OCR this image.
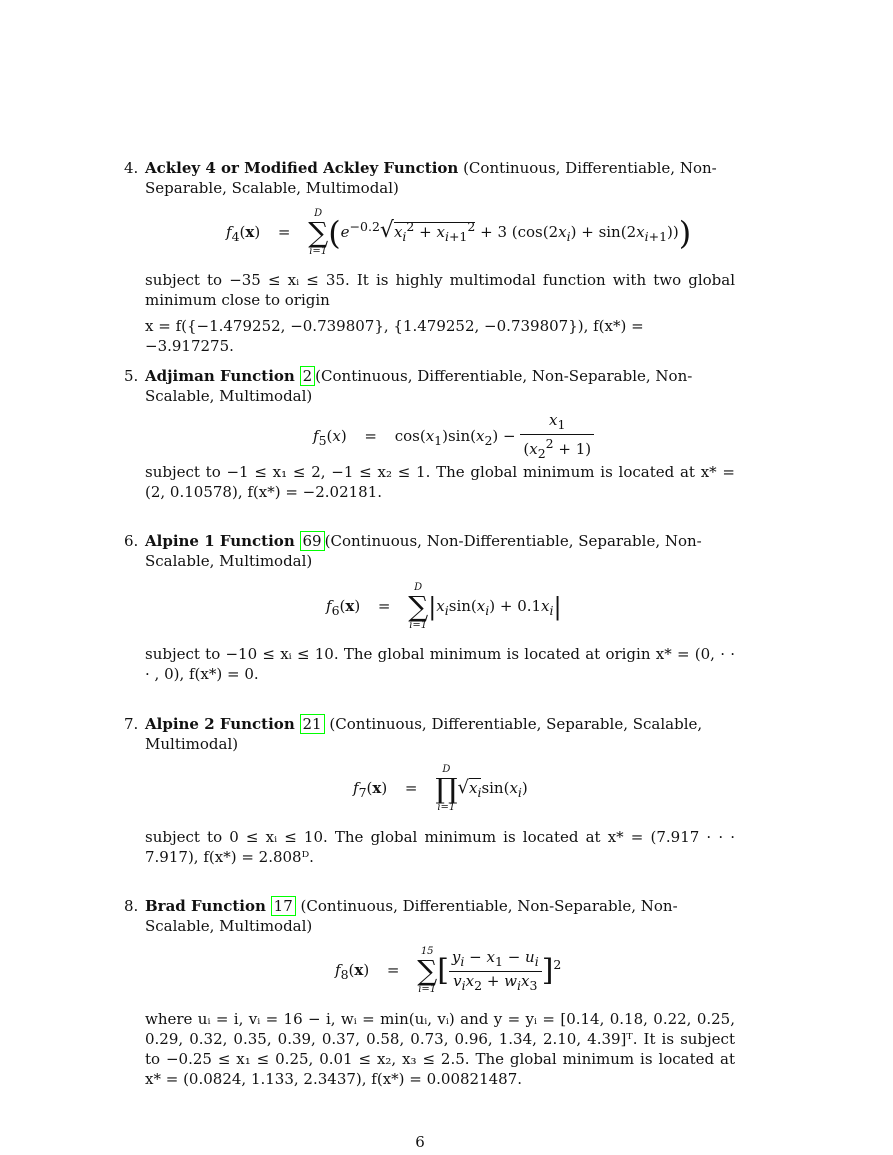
4. Ackley 4 or Modified Ackley Function (Continuous, Differentiable, Non-Separable, Scalable, Multimodal)
$f_4(x)$ =
D
∑
i=1 ($e^{-0.2}√x_i^2 + x_{i+1}^2 + 3$ $(\cos(2x_i) + \sin(2x_{i+1}))$)
subject to −35 ≤ xᵢ ≤ 35. It is highly multimodal function with two global minimum close to origin
x = f({−1.479252, −0.739807}, {1.479252, −0.739807}), f(x*) = −3.917275.
5. Adjiman Function 2 (Continuous, Differentiable, Non-Separable, Non-Scalable, Multimodal)
$f_5(x) = \cos(x_1)\sin(x_2) - \frac{x_1}{(x_2^2 + 1)}$
subject to −1 ≤ x₁ ≤ 2, −1 ≤ x₂ ≤ 1. The global minimum is located at x* = (2, 0.10578), f(x*) = −2.02181.
6. Alpine 1 Function 69 (Continuous, Non-Differentiable, Separable, Non-Scalable, Multimodal)
$f_6(x)$ =
D
∑
i=1
$|x_i\sin(x_i) + 0.1x_i|$
subject to −10 ≤ xᵢ ≤ 10. The global minimum is located at origin x* = (0, · · · , 0), f(x*) = 0.
7. Alpine 2 Function 21 (Continuous, Differentiable, Separable, Scalable, Multimodal)
$f_7(x)$ =
D
∏
i=1
$√x_i\sin(x_i)$
subject to 0 ≤ xᵢ ≤ 10. The global minimum is located at x* = (7.917 · · · 7.917), f(x*) = 2.808ᴰ.
8. Brad Function 17 (Continuous, Differentiable, Non-Separable, Non-Scalable, Multimodal)
$f_8(x)$ =
15
∑
i=1
[ $\frac{y_i - x_1 - u_i}{v_ix_2 + w_ix_3} ]^2$
where uᵢ = i, vᵢ = 16 − i, wᵢ = min(uᵢ, vᵢ) and y = yᵢ = [0.14, 0.18, 0.22, 0.25, 0.29, 0.32, 0.35, 0.39, 0.37, 0.58, 0.73, 0.96, 1.34, 2.10, 4.39]ᵀ. It is subject to −0.25 ≤ x₁ ≤ 0.25, 0.01 ≤ x₂, x₃ ≤ 2.5. The global minimum is located at x* = (0.0824, 1.133, 2.3437), f(x*) = 0.00821487.
6
